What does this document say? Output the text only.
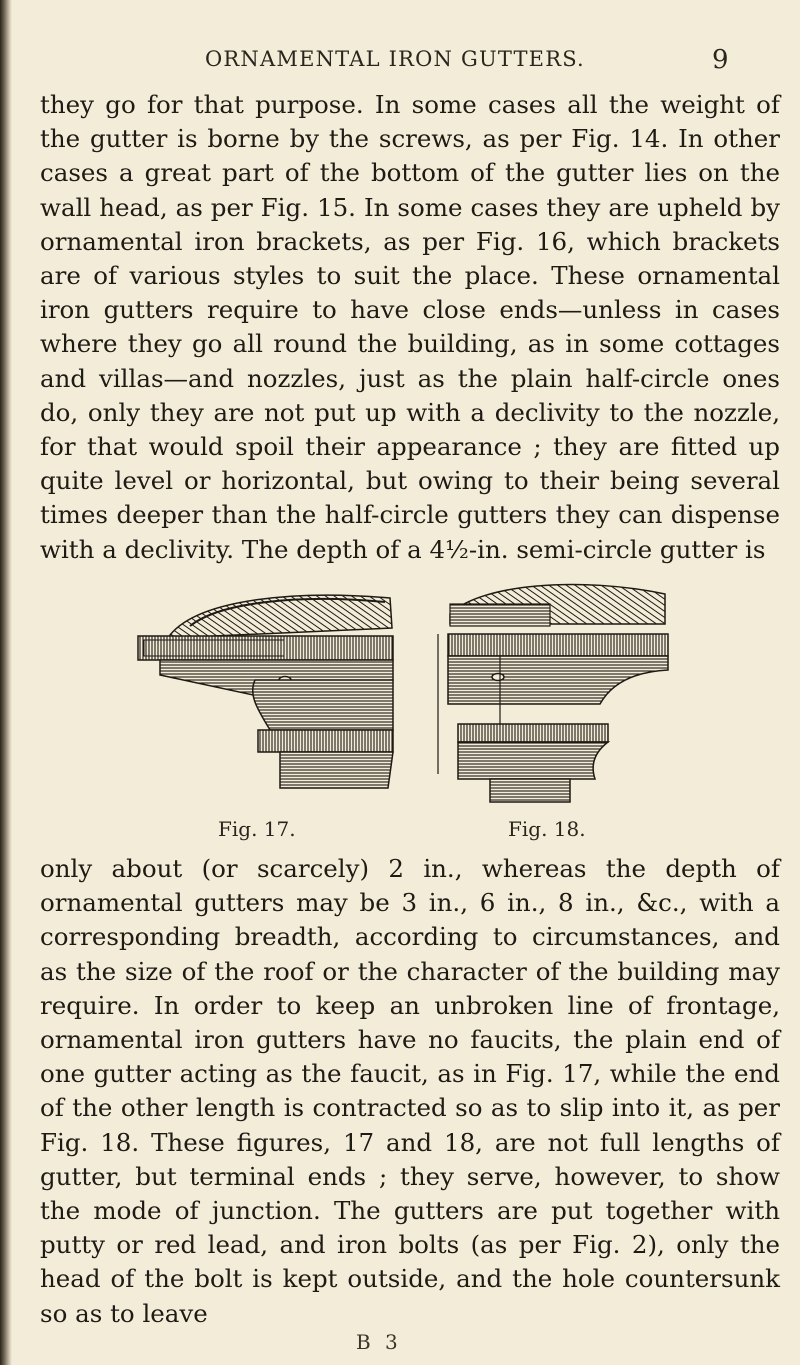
ORNAMENTAL IRON GUTTERS.	9

they go for that purpose. In some cases all the weight of the gutter is borne by the screws, as per Fig. 14. In other cases a great part of the bottom of the gutter lies on the wall head, as per Fig. 15. In some cases they are upheld by ornamental iron brackets, as per Fig. 16, which brackets are of various styles to suit the place. These ornamental iron gutters require to have close ends—unless in cases where they go all round the building, as in some cottages and villas—and nozzles, just as the plain half-circle ones do, only they are not put up with a declivity to the nozzle, for that would spoil their appearance ; they are fitted up quite level or horizontal, but owing to their being several times deeper than the half-circle gutters they can dispense with a declivity. The depth of a 4½-in. semi-circle gutter is

Fig. 17.	Fig. 18.

only about (or scarcely) 2 in., whereas the depth of ornamental gutters may be 3 in., 6 in., 8 in., &c., with a corresponding breadth, according to circumstances, and as the size of the roof or the character of the building may require. In order to keep an unbroken line of frontage, ornamental iron gutters have no faucits, the plain end of one gutter acting as the faucit, as in Fig. 17, while the end of the other length is contracted so as to slip into it, as per Fig. 18. These figures, 17 and 18, are not full lengths of gutter, but terminal ends ; they serve, however, to show the mode of junction. The gutters are put together with putty or red lead, and iron bolts (as per Fig. 2), only the head of the bolt is kept outside, and the hole countersunk so as to leave

B 3
